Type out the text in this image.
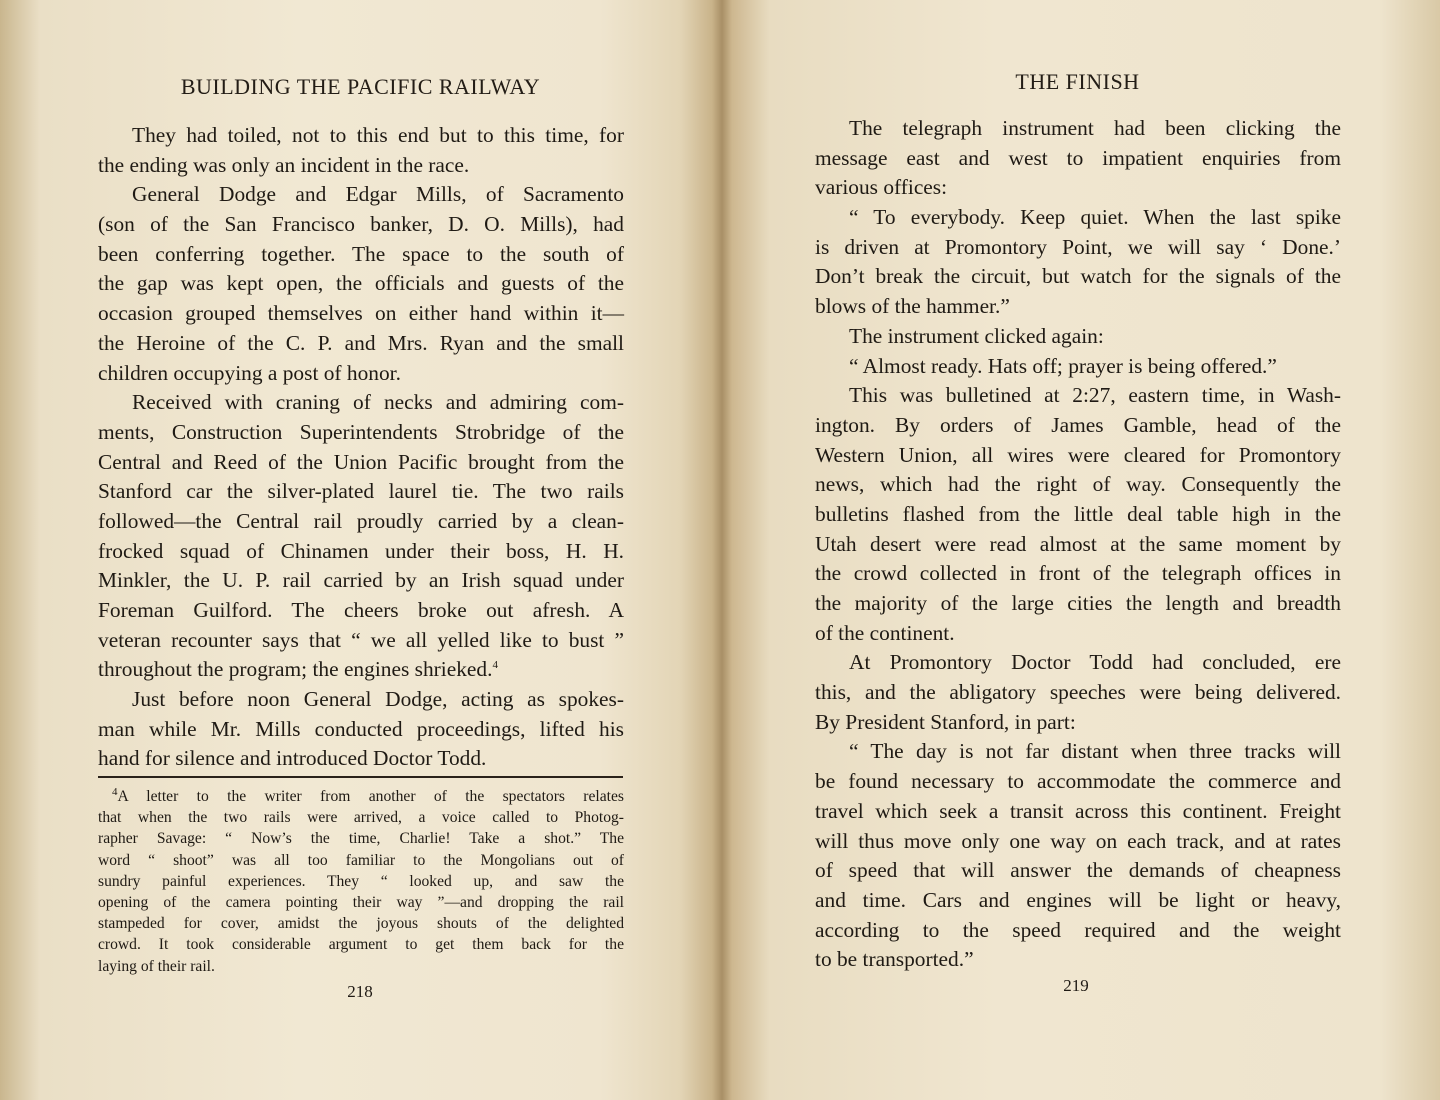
BUILDING THE PACIFIC RAILWAY
They had toiled, not to this end but to this time, for
the ending was only an incident in the race.
General Dodge and Edgar Mills, of Sacramento
(son of the San Francisco banker, D. O. Mills), had
been conferring together. The space to the south of
the gap was kept open, the officials and guests of the
occasion grouped themselves on either hand within it—
the Heroine of the C. P. and Mrs. Ryan and the small
children occupying a post of honor.
Received with craning of necks and admiring com-
ments, Construction Superintendents Strobridge of the
Central and Reed of the Union Pacific brought from the
Stanford car the silver-plated laurel tie. The two rails
followed—the Central rail proudly carried by a clean-
frocked squad of Chinamen under their boss, H. H.
Minkler, the U. P. rail carried by an Irish squad under
Foreman Guilford. The cheers broke out afresh. A
veteran recounter says that “ we all yelled like to bust ”
throughout the program; the engines shrieked.$^4$
Just before noon General Dodge, acting as spokes-
man while Mr. Mills conducted proceedings, lifted his
hand for silence and introduced Doctor Todd.
$^4$A letter to the writer from another of the spectators relates
that when the two rails were arrived, a voice called to Photog-
rapher Savage: “ Now’s the time, Charlie! Take a shot.” The
word “ shoot” was all too familiar to the Mongolians out of
sundry painful experiences. They “ looked up, and saw the
opening of the camera pointing their way ”—and dropping the rail
stampeded for cover, amidst the joyous shouts of the delighted
crowd. It took considerable argument to get them back for the
laying of their rail.
218
THE FINISH
The telegraph instrument had been clicking the
message east and west to impatient enquiries from
various offices:
“ To everybody. Keep quiet. When the last spike
is driven at Promontory Point, we will say ‘ Done.’
Don’t break the circuit, but watch for the signals of the
blows of the hammer.”
The instrument clicked again:
“ Almost ready. Hats off; prayer is being offered.”
This was bulletined at 2:27, eastern time, in Wash-
ington. By orders of James Gamble, head of the
Western Union, all wires were cleared for Promontory
news, which had the right of way. Consequently the
bulletins flashed from the little deal table high in the
Utah desert were read almost at the same moment by
the crowd collected in front of the telegraph offices in
the majority of the large cities the length and breadth
of the continent.
At Promontory Doctor Todd had concluded, ere
this, and the abligatory speeches were being delivered.
By President Stanford, in part:
“ The day is not far distant when three tracks will
be found necessary to accommodate the commerce and
travel which seek a transit across this continent. Freight
will thus move only one way on each track, and at rates
of speed that will answer the demands of cheapness
and time. Cars and engines will be light or heavy,
according to the speed required and the weight
to be transported.”
219
